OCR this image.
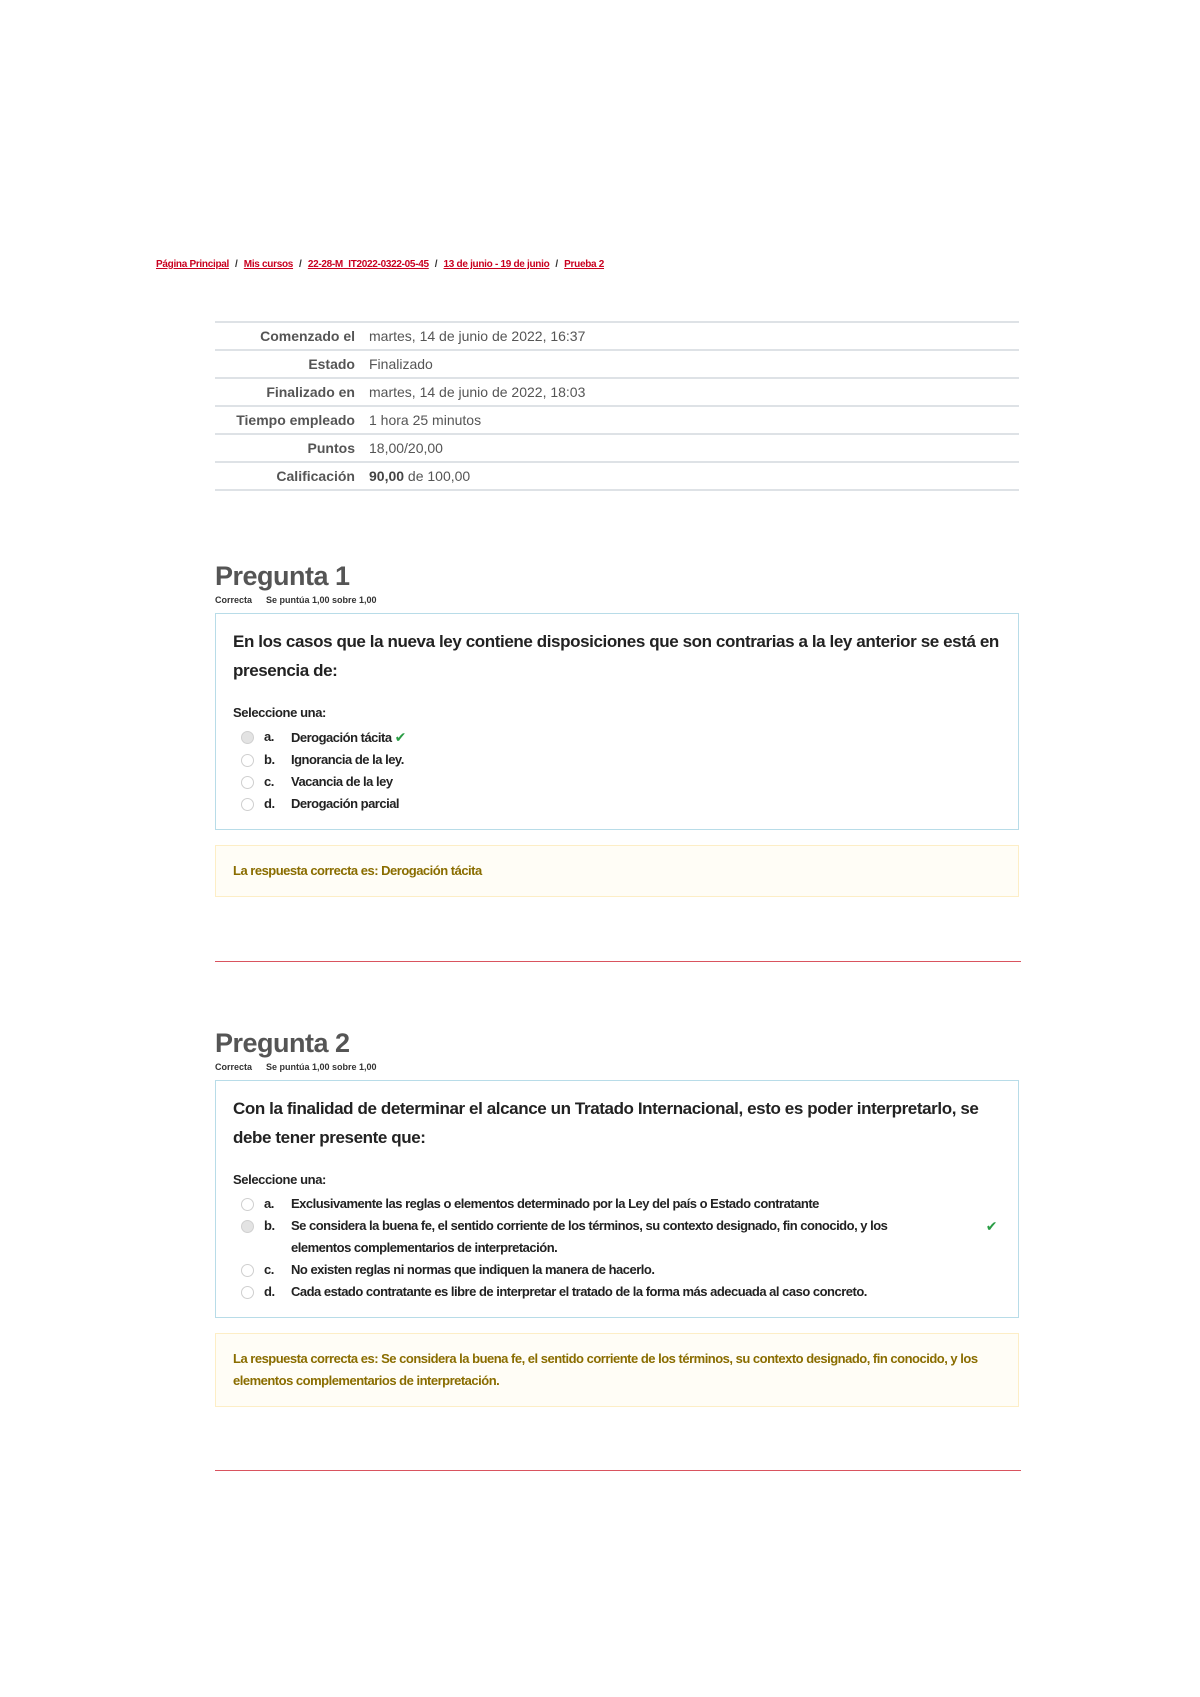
Página Principal / Mis cursos / 22-28-M_IT2022-0322-05-45 / 13 de junio - 19 de junio / Prueba 2
Comenzado el	martes, 14 de junio de 2022, 16:37
Estado	Finalizado
Finalizado en	martes, 14 de junio de 2022, 18:03
Tiempo empleado	1 hora 25 minutos
Puntos	18,00/20,00
Calificación	90,00 de 100,00
Pregunta 1
Correcta Se puntúa 1,00 sobre 1,00
En los casos que la nueva ley contiene disposiciones que son contrarias a la ley anterior se está en presencia de:
Seleccione una:
a.	Derogación tácita ✔
b.	Ignorancia de la ley.
c.	Vacancia de la ley
d.	Derogación parcial
La respuesta correcta es: Derogación tácita
Pregunta 2
Correcta Se puntúa 1,00 sobre 1,00
Con la finalidad de determinar el alcance un Tratado Internacional, esto es poder interpretarlo, se debe tener presente que:
Seleccione una:
a.	Exclusivamente las reglas o elementos determinado por la Ley del país o Estado contratante
b.	Se considera la buena fe, el sentido corriente de los términos, su contexto designado, fin conocido, y los elementos complementarios de interpretación.
✔
c.	No existen reglas ni normas que indiquen la manera de hacerlo.
d.	Cada estado contratante es libre de interpretar el tratado de la forma más adecuada al caso concreto.
La respuesta correcta es: Se considera la buena fe, el sentido corriente de los términos, su contexto designado, fin conocido, y los elementos complementarios de interpretación.
